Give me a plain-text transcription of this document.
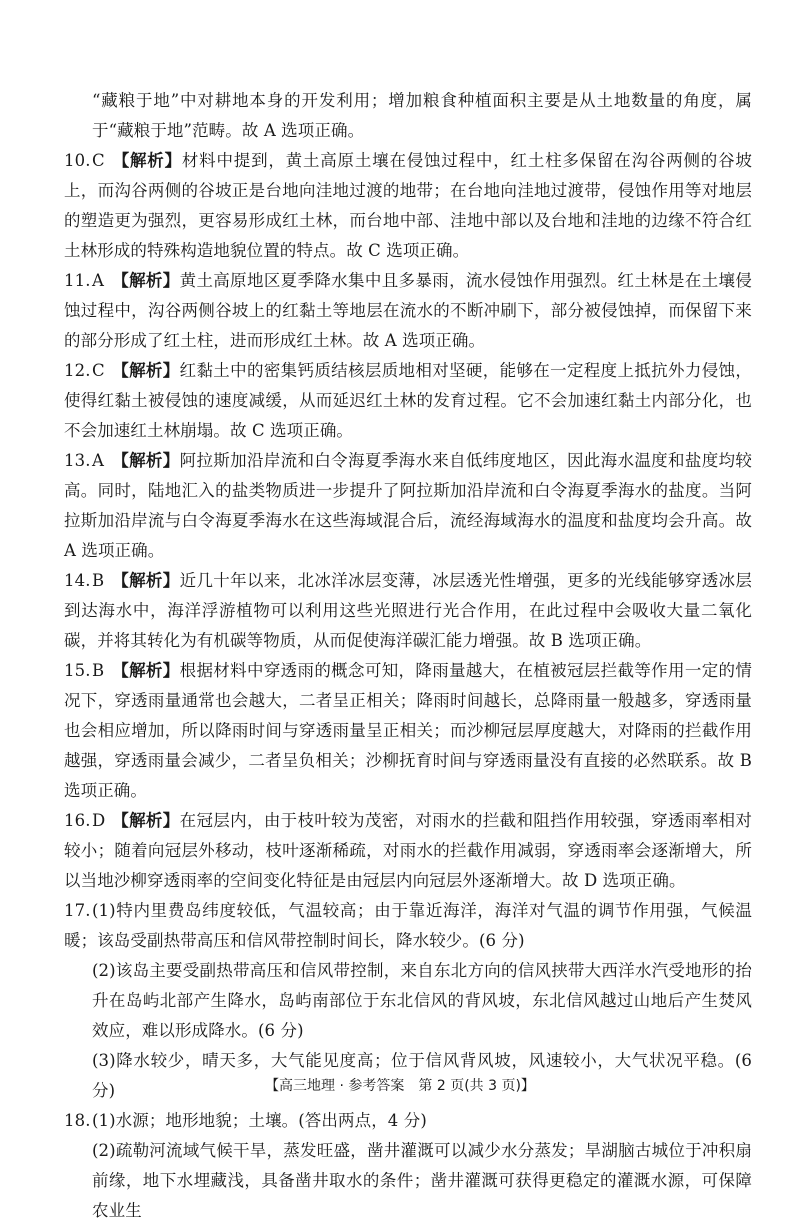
“藏粮于地”中对耕地本身的开发利用；增加粮食种植面积主要是从土地数量的角度，属于“藏粮于地”范畴。故 A 选项正确。

10.C 【解析】材料中提到，黄土高原土壤在侵蚀过程中，红土柱多保留在沟谷两侧的谷坡上，而沟谷两侧的谷坡正是台地向洼地过渡的地带；在台地向洼地过渡带，侵蚀作用等对地层的塑造更为强烈，更容易形成红土林，而台地中部、洼地中部以及台地和洼地的边缘不符合红土林形成的特殊构造地貌位置的特点。故 C 选项正确。

11.A 【解析】黄土高原地区夏季降水集中且多暴雨，流水侵蚀作用强烈。红土林是在土壤侵蚀过程中，沟谷两侧谷坡上的红黏土等地层在流水的不断冲刷下，部分被侵蚀掉，而保留下来的部分形成了红土柱，进而形成红土林。故 A 选项正确。

12.C 【解析】红黏土中的密集钙质结核层质地相对坚硬，能够在一定程度上抵抗外力侵蚀，使得红黏土被侵蚀的速度减缓，从而延迟红土林的发育过程。它不会加速红黏土内部分化，也不会加速红土林崩塌。故 C 选项正确。

13.A 【解析】阿拉斯加沿岸流和白令海夏季海水来自低纬度地区，因此海水温度和盐度均较高。同时，陆地汇入的盐类物质进一步提升了阿拉斯加沿岸流和白令海夏季海水的盐度。当阿拉斯加沿岸流与白令海夏季海水在这些海域混合后，流经海域海水的温度和盐度均会升高。故 A 选项正确。

14.B 【解析】近几十年以来，北冰洋冰层变薄，冰层透光性增强，更多的光线能够穿透冰层到达海水中，海洋浮游植物可以利用这些光照进行光合作用，在此过程中会吸收大量二氧化碳，并将其转化为有机碳等物质，从而促使海洋碳汇能力增强。故 B 选项正确。

15.B 【解析】根据材料中穿透雨的概念可知，降雨量越大，在植被冠层拦截等作用一定的情况下，穿透雨量通常也会越大，二者呈正相关；降雨时间越长，总降雨量一般越多，穿透雨量也会相应增加，所以降雨时间与穿透雨量呈正相关；而沙柳冠层厚度越大，对降雨的拦截作用越强，穿透雨量会减少，二者呈负相关；沙柳抚育时间与穿透雨量没有直接的必然联系。故 B 选项正确。

16.D 【解析】在冠层内，由于枝叶较为茂密，对雨水的拦截和阻挡作用较强，穿透雨率相对较小；随着向冠层外移动，枝叶逐渐稀疏，对雨水的拦截作用减弱，穿透雨率会逐渐增大，所以当地沙柳穿透雨率的空间变化特征是由冠层内向冠层外逐渐增大。故 D 选项正确。

17.(1)特内里费岛纬度较低，气温较高；由于靠近海洋，海洋对气温的调节作用强，气候温暖；该岛受副热带高压和信风带控制时间长，降水较少。(6 分)

(2)该岛主要受副热带高压和信风带控制，来自东北方向的信风挟带大西洋水汽受地形的抬升在岛屿北部产生降水，岛屿南部位于东北信风的背风坡，东北信风越过山地后产生焚风效应，难以形成降水。(6 分)

(3)降水较少，晴天多，大气能见度高；位于信风背风坡，风速较小，大气状况平稳。(6 分)

18.(1)水源；地形地貌；土壤。(答出两点，4 分)

(2)疏勒河流域气候干旱，蒸发旺盛，凿井灌溉可以减少水分蒸发；旱湖脑古城位于冲积扇前缘，地下水埋藏浅，具备凿井取水的条件；凿井灌溉可获得更稳定的灌溉水源，可保障农业生

【高三地理 · 参考答案　第 2 页(共 3 页)】
